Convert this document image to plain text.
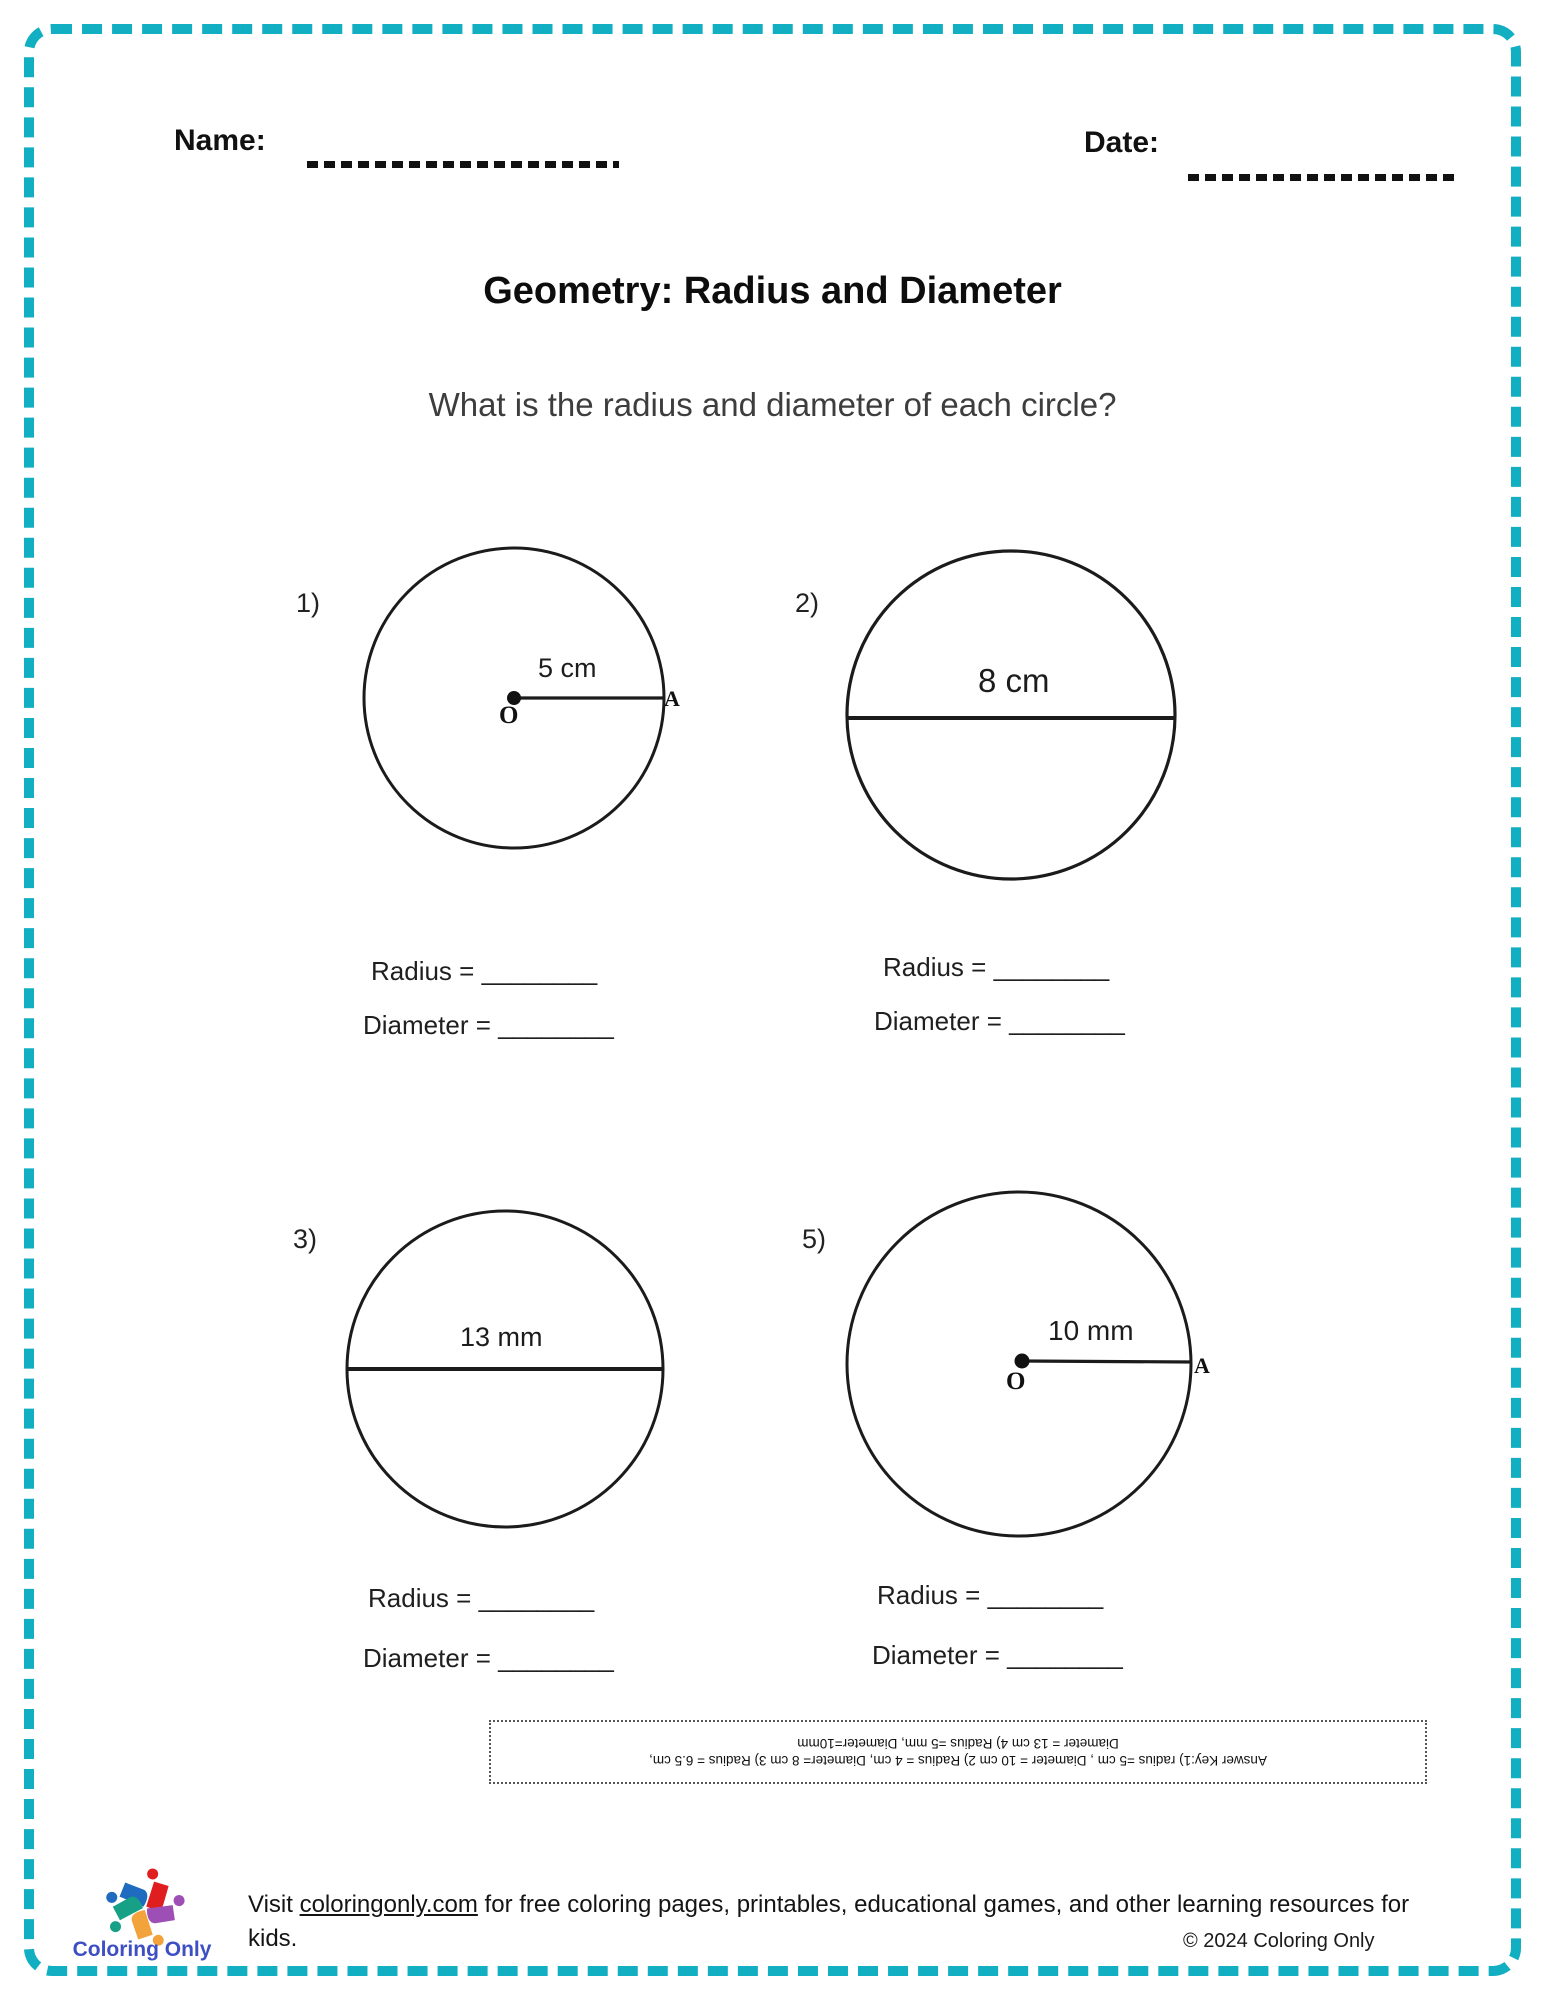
Name:	Date:
Geometry: Radius and Diameter
What is the radius and diameter of each circle?
1)
5 cm
O
A
2)
8 cm
3)
13 mm
5)
10 mm
O
A
Radius = ________
Diameter = ________
Radius = ________
Diameter = ________
Radius = ________
Diameter = ________
Radius = ________
Diameter = ________
Answer Key:1) radius =5 cm , Diameter = 10 cm 2) Radius = 4 cm, Diameter= 8 cm 3) Radius = 6.5 cm,
Diameter = 13 cm 4) Radius =5 mm, Diameter=10mm
Coloring Only
Visit coloringonly.com for free coloring pages, printables, educational games, and other learning resources for kids.	© 2024 Coloring Only
